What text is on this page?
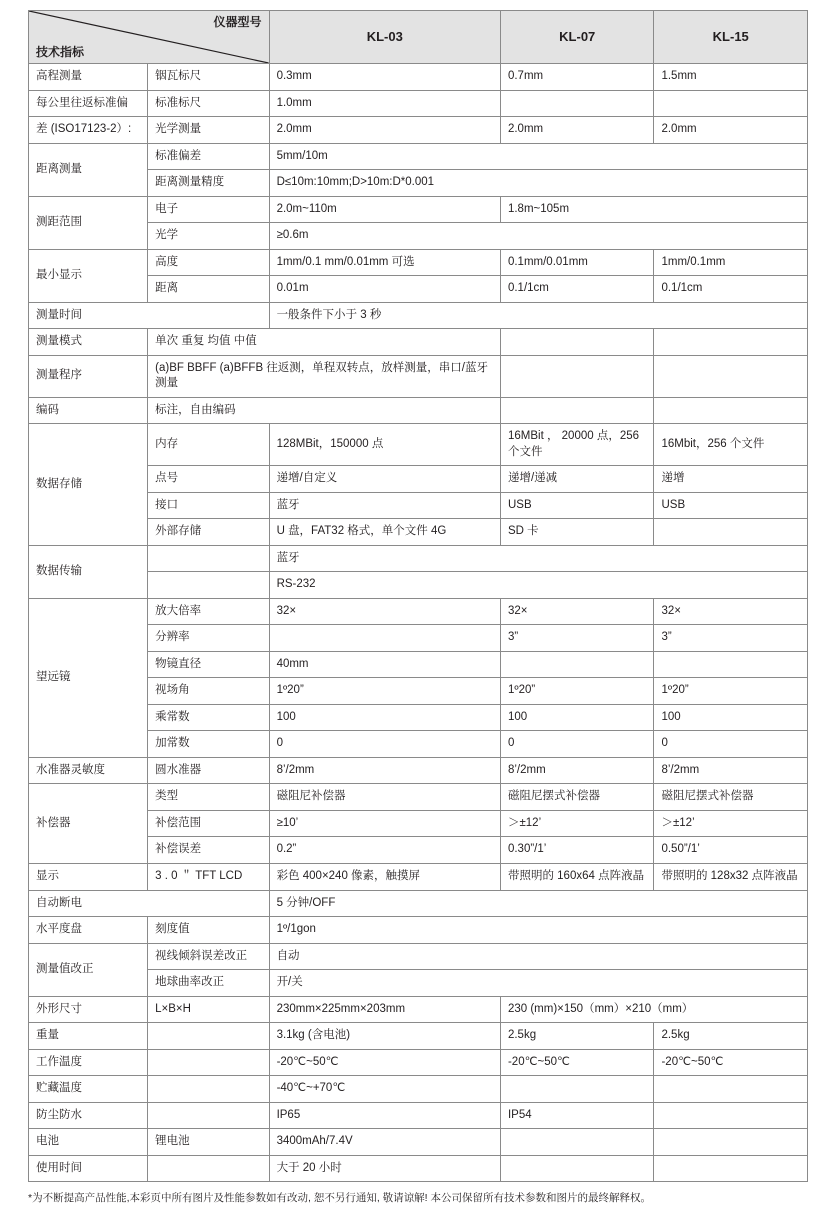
仪器型号
技术指标		KL-03	KL-07	KL-15
高程测量	铟瓦标尺	0.3mm	0.7mm	1.5mm
每公里往返标准偏	标准标尺	1.0mm		
差 (ISO17123-2）:	光学测量	2.0mm	2.0mm	2.0mm
距离测量	标准偏差	5mm/10m		
	距离测量精度	D≤10m:10mm;D>10m:D*0.001		
测距范围	电子	2.0m~110m	1.8m~105m	
	光学	≥0.6m		
最小显示	高度	1mm/0.1 mm/0.01mm 可选	0.1mm/0.01mm	1mm/0.1mm
	距离	0.01m	0.1/1cm	0.1/1cm
测量时间		一般条件下小于 3 秒		
测量模式	单次 重复 均值 中值			
测量程序	(a)BF BBFF (a)BFFB 往返测，单程双转点，放样测量，串口/蓝牙测量			
编码	标注，自由编码			
数据存储	内存	128MBit，150000 点	16MBit ， 20000 点，256 个文件	16Mbit，256 个文件
	点号	递增/自定义	递增/递减	递增
	接口	蓝牙	USB	USB
	外部存储	U 盘，FAT32 格式，单个文件 4G	SD 卡	
数据传输		蓝牙		
		RS-232		
望远镜	放大倍率	32×	32×	32×
	分辨率		3”	3”
	物镜直径	40mm		
	视场角	1º20”	1º20”	1º20”
	乘常数	100	100	100
	加常数	0	0	0
水准器灵敏度	圆水准器	8’/2mm	8’/2mm	8’/2mm
补偿器	类型	磁阻尼补偿器	磁阻尼摆式补偿器	磁阻尼摆式补偿器
	补偿范围	≥10’	＞±12’	＞±12’
	补偿误差	0.2”	0.30”/1’	0.50”/1’
显示	3 . 0 ＂ TFT LCD	彩色 400×240 像素，触摸屏	带照明的 160x64 点阵液晶	带照明的 128x32 点阵液晶
自动断电		5 分钟/OFF		
水平度盘	刻度值	1º/1gon		
测量值改正	视线倾斜误差改正	自动		
	地球曲率改正	开/关		
外形尺寸	L×B×H	230mm×225mm×203mm	230 (mm)×150（mm）×210（mm）	
重量		3.1kg (含电池)	2.5kg	2.5kg
工作温度		-20℃~50℃	-20℃~50℃	-20℃~50℃
贮藏温度		-40℃~+70℃		
防尘防水		IP65	IP54	
电池	锂电池	3400mAh/7.4V		
使用时间		大于 20 小时		
*为不断提高产品性能,本彩页中所有图片及性能参数如有改动, 恕不另行通知, 敬请谅解! 本公司保留所有技术参数和图片的最终解释权。
